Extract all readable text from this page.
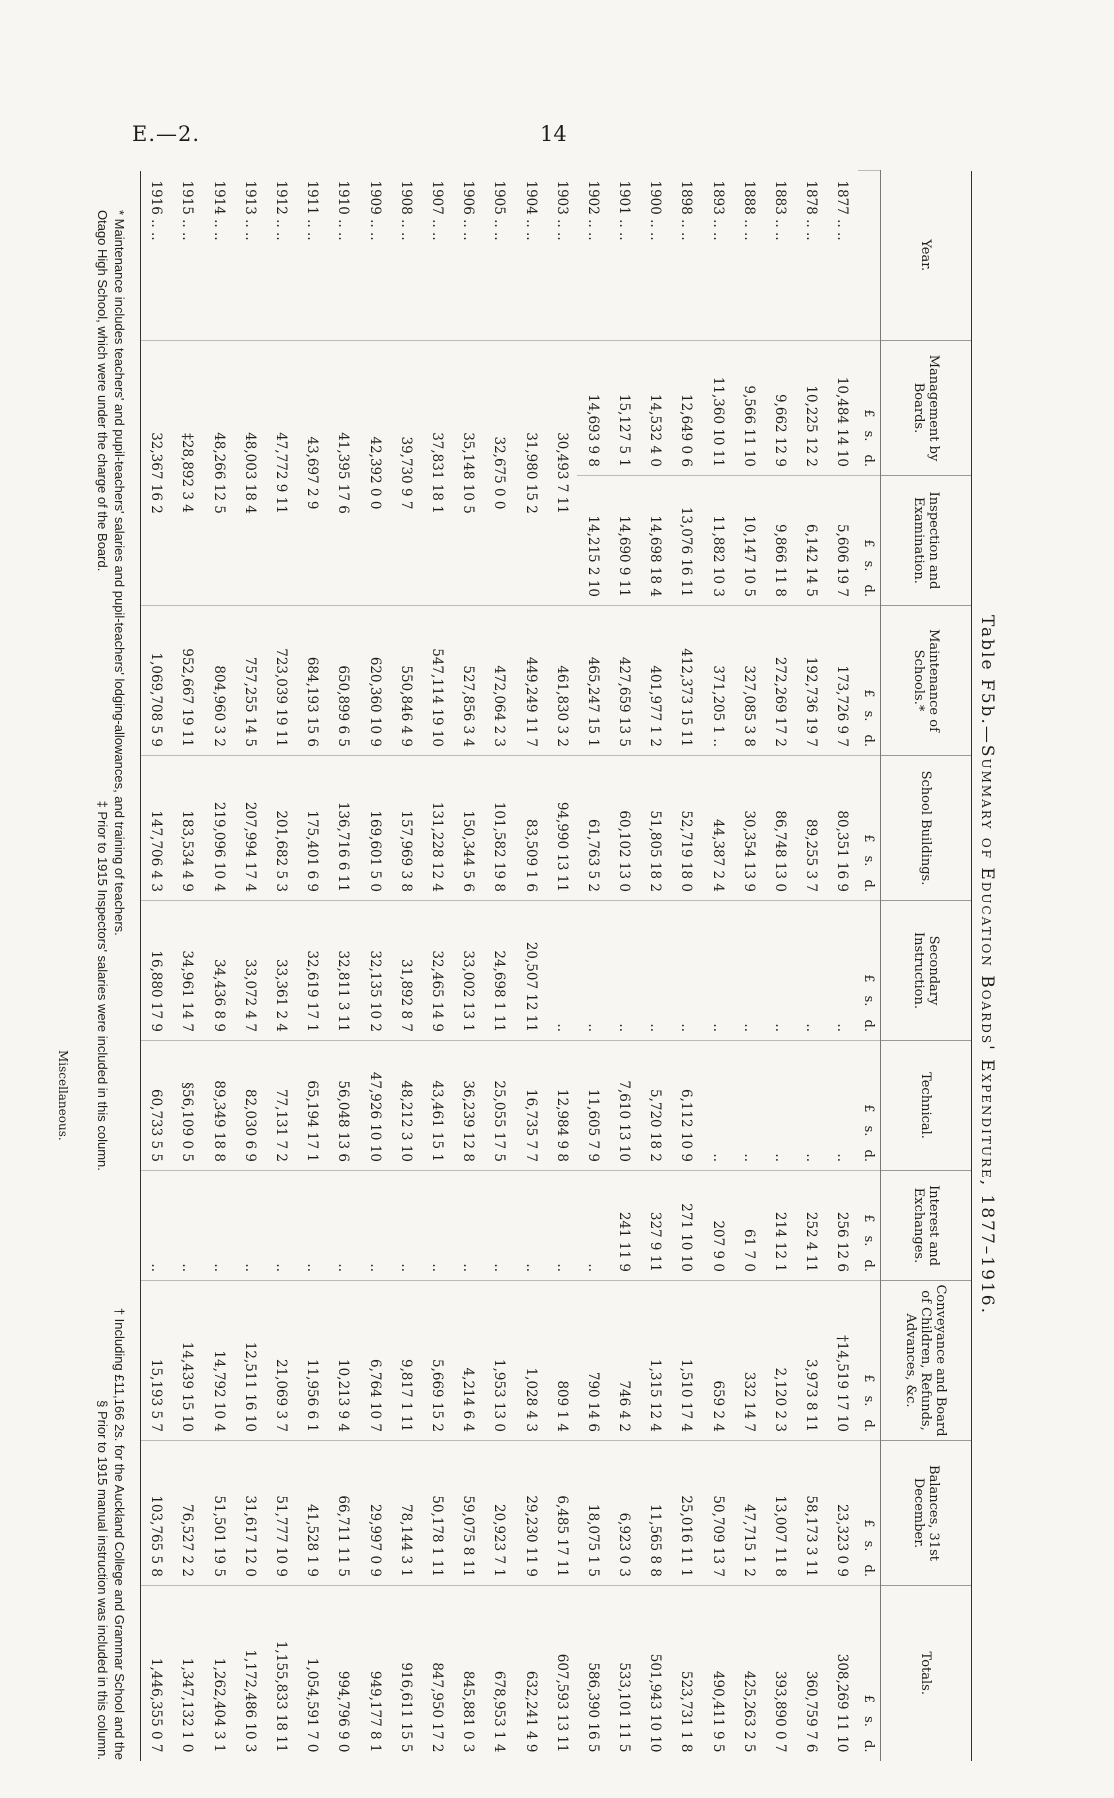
E.—2.	14
Table F5b.—Summary of Education Boards' Expenditure, 1877–1916.
Year.	Management by Boards.	Inspection and Examination.	Maintenance of Schools.*	School Buildings.	Secondary Instruction.	Technical.	Interest and Exchanges.	Conveyance and Board of Children, Refunds, Advances, &c.	Balances, 31st December.	Totals.
	£ s. d.	£ s. d.	£ s. d.	£ s. d.	£ s. d.	£ s. d.	£ s. d.	£ s. d.	£ s. d.	£ s. d.
1877 .. ..	10,484 14 10	5,606 19 7	173,726 9 7	80,351 16 9	..	..	256 12 6	†14,519 17 10	23,323 0 9	308,269 11 10
1878 .. ..	10,225 12 2	6,142 14 5	192,736 19 7	89,255 3 7	..	..	252 4 11	3,973 8 11	58,173 3 11	360,759 7 6
1883 .. ..	9,662 12 9	9,866 11 8	272,269 17 2	86,748 13 0	..	..	214 12 1	2,120 2 3	13,007 11 8	393,890 0 7
1888 .. ..	9,566 11 10	10,147 10 5	327,085 3 8	30,354 13 9	..	..	61 7 0	332 14 7	47,715 1 2	425,263 2 5
1893 .. ..	11,360 10 11	11,882 10 3	371,205 1 ..	44,387 2 4	..	..	207 9 0	659 2 4	50,709 13 7	490,411 9 5
1898 .. ..	12,649 0 6	13,076 16 11	412,373 15 11	52,719 18 0	..	6,112 10 9	271 10 10	1,510 17 4	25,016 11 1	523,731 1 8
1900 .. ..	14,532 4 0	14,698 18 4	401,977 1 2	51,805 18 2	..	5,720 18 2	327 9 11	1,315 12 4	11,565 8 8	501,943 10 10
1901 .. ..	15,127 5 1	14,690 9 11	427,659 13 5	60,102 13 0	..	7,610 13 10	241 11 9	746 4 2	6,923 0 3	533,101 11 5
1902 .. ..	14,693 9 8	14,215 2 10	465,247 15 1	61,763 5 2	..	11,605 7 9	..	790 14 6	18,075 1 5	586,390 16 5
1903 .. ..	30,493 7 11		461,830 3 2	94,990 13 11	..	12,984 9 8	..	809 1 4	6,485 17 11	607,593 13 11
1904 .. ..	31,980 15 2		449,249 11 7	83,509 1 6	20,507 12 11	16,735 7 7	..	1,028 4 3	29,230 11 9	632,241 4 9
1905 .. ..	32,675 0 0		472,064 2 3	101,582 19 8	24,698 1 11	25,055 17 5	..	1,953 13 0	20,923 7 1	678,953 1 4
1906 .. ..	35,148 10 5		527,856 3 4	150,344 5 6	33,002 13 1	36,239 12 8	..	4,214 6 4	59,075 8 11	845,881 0 3
1907 .. ..	37,831 18 1		547,114 19 10	131,228 12 4	32,465 14 9	43,461 15 1	..	5,669 15 2	50,178 1 11	847,950 17 2
1908 .. ..	39,730 9 7		550,846 4 9	157,969 3 8	31,892 8 7	48,212 3 10	..	9,817 1 11	78,144 3 1	916,611 15 5
1909 .. ..	42,392 0 0		620,360 10 9	169,601 5 0	32,135 10 2	47,926 10 10	..	6,764 10 7	29,997 0 9	949,177 8 1
1910 .. ..	41,395 17 6		650,899 6 5	136,716 6 11	32,811 3 11	56,048 13 6	..	10,213 9 4	66,711 11 5	994,796 9 0
1911 .. ..	43,697 2 9		684,193 15 6	175,401 6 9	32,619 17 1	65,194 17 1	..	11,956 6 1	41,528 1 9	1,054,591 7 0
1912 .. ..	47,772 9 11		723,039 19 11	201,682 5 3	33,361 2 4	77,131 7 2	..	21,069 3 7	51,777 10 9	1,155,833 18 11
1913 .. ..	48,003 18 4		757,255 14 5	207,994 17 4	33,072 4 7	82,030 6 9	..	12,511 16 10	31,617 12 0	1,172,486 10 3
1914 .. ..	48,266 12 5		804,960 3 2	219,096 10 4	34,436 8 9	89,349 18 8	..	14,792 10 4	51,501 19 5	1,262,404 3 1
1915 .. ..	‡28,892 3 4		952,667 19 11	183,534 4 9	34,961 14 7	§56,109 0 5	..	14,439 15 10	76,527 2 2	1,347,132 1 0
1916 .. ..	32,367 16 2		1,069,708 5 9	147,706 4 3	16,880 17 9	60,733 5 5	..	15,193 5 7	103,765 5 8	1,446,355 0 7
* Maintenance includes teachers' and pupil-teachers' salaries and pupil-teachers' lodging-allowances, and training of teachers.
† Including £11,166 2s. for the Auckland College and Grammar School and the
Otago High School, which were under the charge of the Board.
‡ Prior to 1915 Inspectors' salaries were included in this column.
§ Prior to 1915 manual instruction was included in this column.
Miscellaneous.
